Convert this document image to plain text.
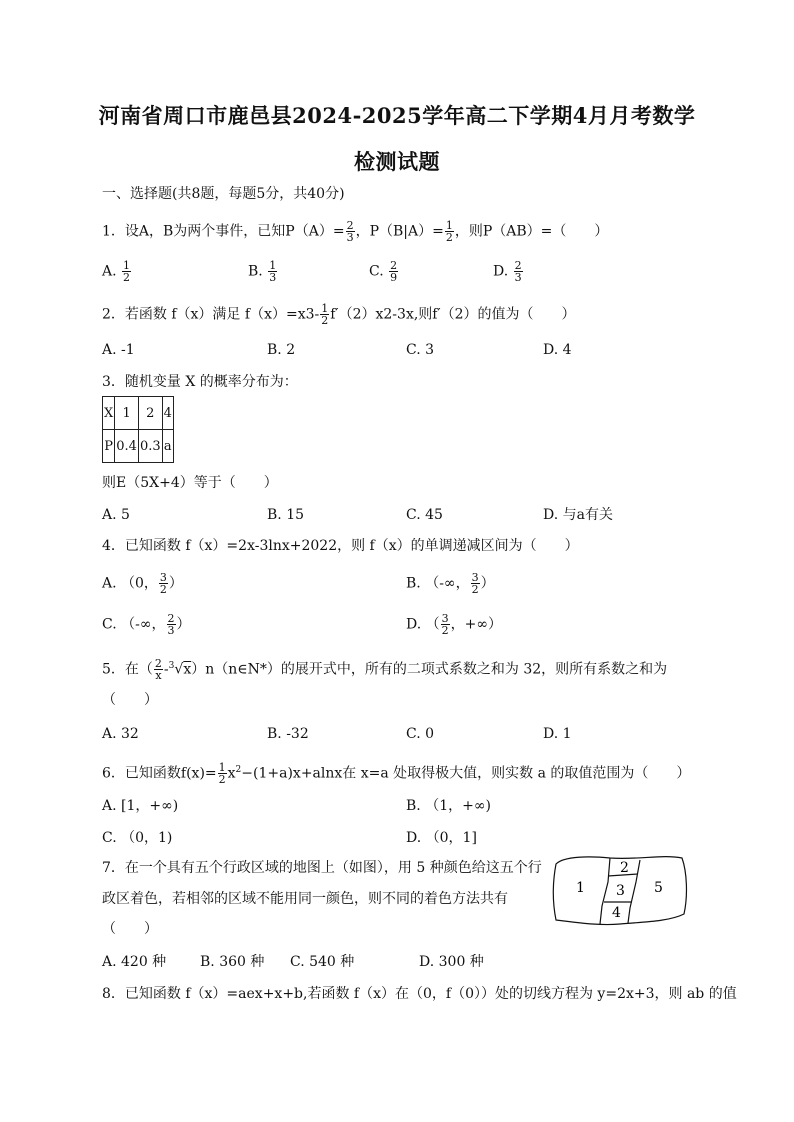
河南省周口市鹿邑县2024-2025学年高二下学期4月月考数学
检测试题
一、选择题(共8题，每题5分，共40分)
1．设A，B为两个事件，已知$P(A)= \frac{2}{3}$ ，$P(B|A)= \frac{1}{2}$ ，则P（AB）=（　　）
A. $\frac{1}{2}$	B. $\frac{1}{3}$	C. $\frac{2}{9}$	D. $\frac{2}{3}$
2．若函数 f（x）满足 $f(x)=x3- \frac{1}{2} f'(2)x2-3x$,则f′（2）的值为（　　）
A. -1	B. 2	C. 3	D. 4
3．随机变量 X 的概率分布为：
X	1	2	4
P	0.4	0.3	a
则E（5X+4）等于（　　）
A. 5	B. 15	C. 45	D. 与a有关
4．已知函数 f（x）=2x-3lnx+2022，则 f（x）的单调递减区间为（　　）
A. （0， $\frac{3}{2}$ ）	B. （-∞， $\frac{3}{2}$ ）
C. （-∞， $\frac{2}{3}$ ）	D. （ $\frac{3}{2}$ ，+∞）
5．在（ $\frac{2}{x}$ -$^3$√x）n（n∈N*）的展开式中，所有的二项式系数之和为 32，则所有系数之和为
（　　）
A. 32	B. -32	C. 0	D. 1
6．已知函数$f(x)= \frac{1}{2} x^2-(1+a)x+alnx$在 x=a 处取得极大值，则实数 a 的取值范围为（　　）
A. [1，+∞)	B. （1，+∞)
C. （0，1)	D. （0，1]
7．在一个具有五个行政区域的地图上（如图），用 5 种颜色给这五个行
政区着色，若相邻的区域不能用同一颜色，则不同的着色方法共有
（　　）
1
2
3
4
5
A. 420 种 B. 360 种 C. 540 种	D. 300 种
8．已知函数 f（x）=aex+x+b,若函数 f（x）在（0，f（0））处的切线方程为 y=2x+3，则 ab 的值
